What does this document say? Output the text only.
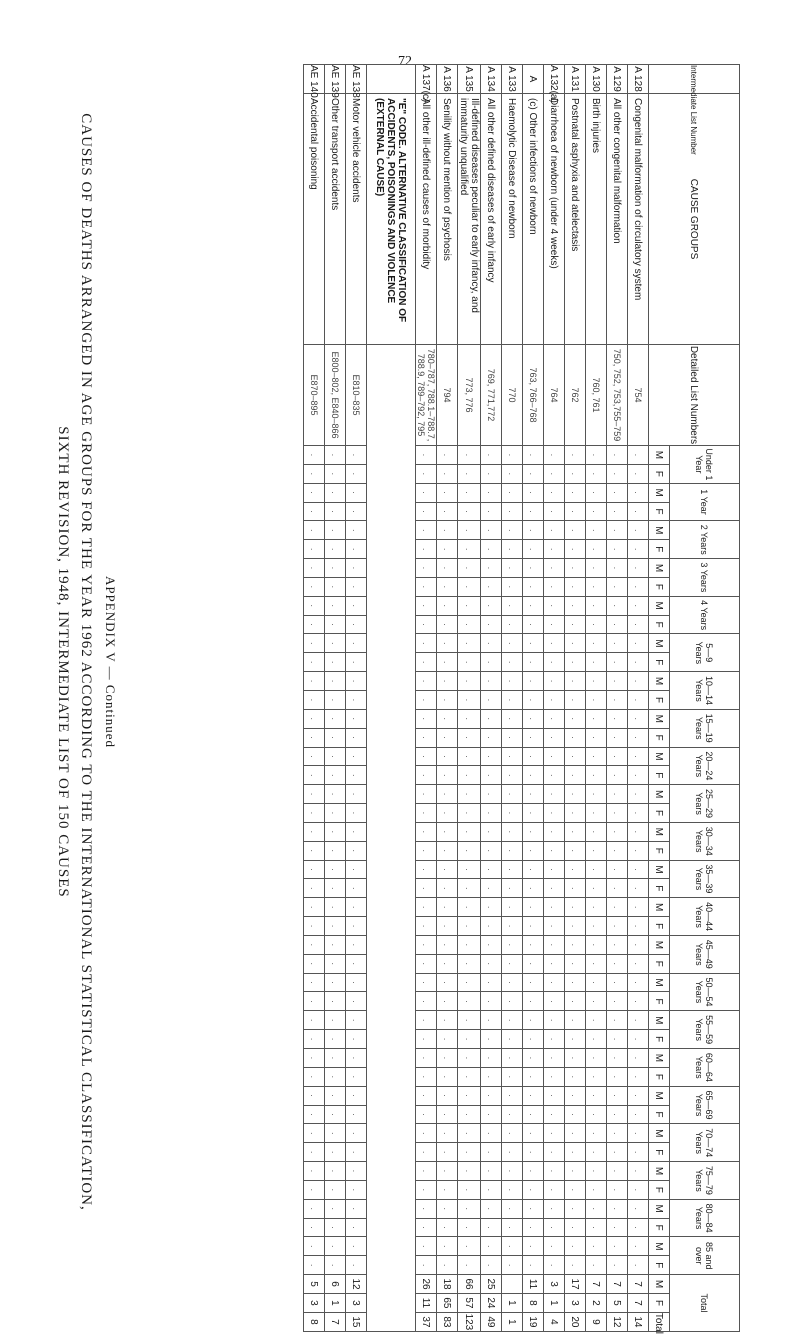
72
APPENDIX V — Continued
CAUSES OF DEATHS ARRANGED IN AGE GROUPS FOR THE YEAR 1962 ACCORDING TO THE INTERNATIONAL STATISTICAL CLASSIFICATION,
SIXTH REVISION, 1948, INTERMEDIATE LIST OF 150 CAUSES
Intermediate List Number	CAUSE GROUPS	Detailed List Numbers	Under 1 Year		1 Year		2 Years		3 Years		4 Years		5—9 Years		10—14 Years		15—19 Years		20—24 Years		25—29 Years		30—34 Years		35—39 Years		40—44 Years		45—49 Years		50—54 Years		55—59 Years		60—64 Years		65—69 Years		70—74 Years		75—79 Years		80—84 Years		85 and over		Total		
			M	F	M	F	M	F	M	F	M	F	M	F	M	F	M	F	M	F	M	F	M	F	M	F	M	F	M	F	M	F	M	F	M	F	M	F	M	F	M	F	M	F	M	F	M	F	Total
A 128	Congenital malformation of circulatory system	754	.	.	.	.	.	.	.	.	.	.	.	.	.	.	.	.	.	.	.	.	.	.	.	.	.	.	.	.	.	.	.	.	.	.	.	.	.	.	.	.	.	.	.	.	7	7	14
A 129	All other congenital malformation	750, 752, 753,755–759	.	.	.	.	.	.	.	.	.	.	.	.	.	.	.	.	.	.	.	.	.	.	.	.	.	.	.	.	.	.	.	.	.	.	.	.	.	.	.	.	.	.	.	.	7	5	12
A 130	Birth injuries	760, 761	.	.	.	.	.	.	.	.	.	.	.	.	.	.	.	.	.	.	.	.	.	.	.	.	.	.	.	.	.	.	.	.	.	.	.	.	.	.	.	.	.	.	.	.	7	2	9
A 131	Postnatal asphyxia and atelectasis	762	.	.	.	.	.	.	.	.	.	.	.	.	.	.	.	.	.	.	.	.	.	.	.	.	.	.	.	.	.	.	.	.	.	.	.	.	.	.	.	.	.	.	.	.	17	3	20
A 132(a)	Diarrhoea of newborn (under 4 weeks)	764	.	.	.	.	.	.	.	.	.	.	.	.	.	.	.	.	.	.	.	.	.	.	.	.	.	.	.	.	.	.	.	.	.	.	.	.	.	.	.	.	.	.	.	.	3	1	4
A	(c) Other infections of newborn	763, 766–768	.	.	.	.	.	.	.	.	.	.	.	.	.	.	.	.	.	.	.	.	.	.	.	.	.	.	.	.	.	.	.	.	.	.	.	.	.	.	.	.	.	.	.	.	11	8	19
A 133	Haemolytic Disease of newborn	770	.	.	.	.	.	.	.	.	.	.	.	.	.	.	.	.	.	.	.	.	.	.	.	.	.	.	.	.	.	.	.	.	.	.	.	.	.	.	.	.	.	.	.	.		1	1
A 134	All other defined diseases of early infancy	769, 771,772	.	.	.	.	.	.	.	.	.	.	.	.	.	.	.	.	.	.	.	.	.	.	.	.	.	.	.	.	.	.	.	.	.	.	.	.	.	.	.	.	.	.	.	.	25	24	49
A 135	Ill-defined diseases peculiar to early infancy, and immaturity unqualified	773, 776	.	.	.	.	.	.	.	.	.	.	.	.	.	.	.	.	.	.	.	.	.	.	.	.	.	.	.	.	.	.	.	.	.	.	.	.	.	.	.	.	.	.	.	.	66	57	123
A 136	Senility without mention of psychosis	794	.	.	.	.	.	.	.	.	.	.	.	.	.	.	.	.	.	.	.	.	.	.	.	.	.	.	.	.	.	.	.	.	.	.	.	.	.	.	.	.	.	.	.	.	18	65	83
A 137(c)	All other ill-defined causes of morbidity	780–787, 788.1–788.7, 788.9, 789–792, 795	.	.	.	.	.	.	.	.	.	.	.	.	.	.	.	.	.	.	.	.	.	.	.	.	.	.	.	.	.	.	.	.	.	.	.	.	.	.	.	.	.	.	.	.	26	11	37
	"E" CODE. ALTERNATIVE CLASSIFICATION OF ACCIDENTS, POISONINGS AND VIOLENCE (EXTERNAL CAUSE)																																																
AE 138	Motor vehicle accidents	E810–835	.	.	.	.	.	.	.	.	.	.	.	.	.	.	.	.	.	.	.	.	.	.	.	.	.	.	.	.	.	.	.	.	.	.	.	.	.	.	.	.	.	.	.	.	12	3	15
AE 139	Other transport accidents	E800–802, E840–866	.	.	.	.	.	.	.	.	.	.	.	.	.	.	.	.	.	.	.	.	.	.	.	.	.	.	.	.	.	.	.	.	.	.	.	.	.	.	.	.	.	.	.	.	6	1	7
AE 140	Accidental poisoning	E870–895	.	.	.	.	.	.	.	.	.	.	.	.	.	.	.	.	.	.	.	.	.	.	.	.	.	.	.	.	.	.	.	.	.	.	.	.	.	.	.	.	.	.	.	.	5	3	8
